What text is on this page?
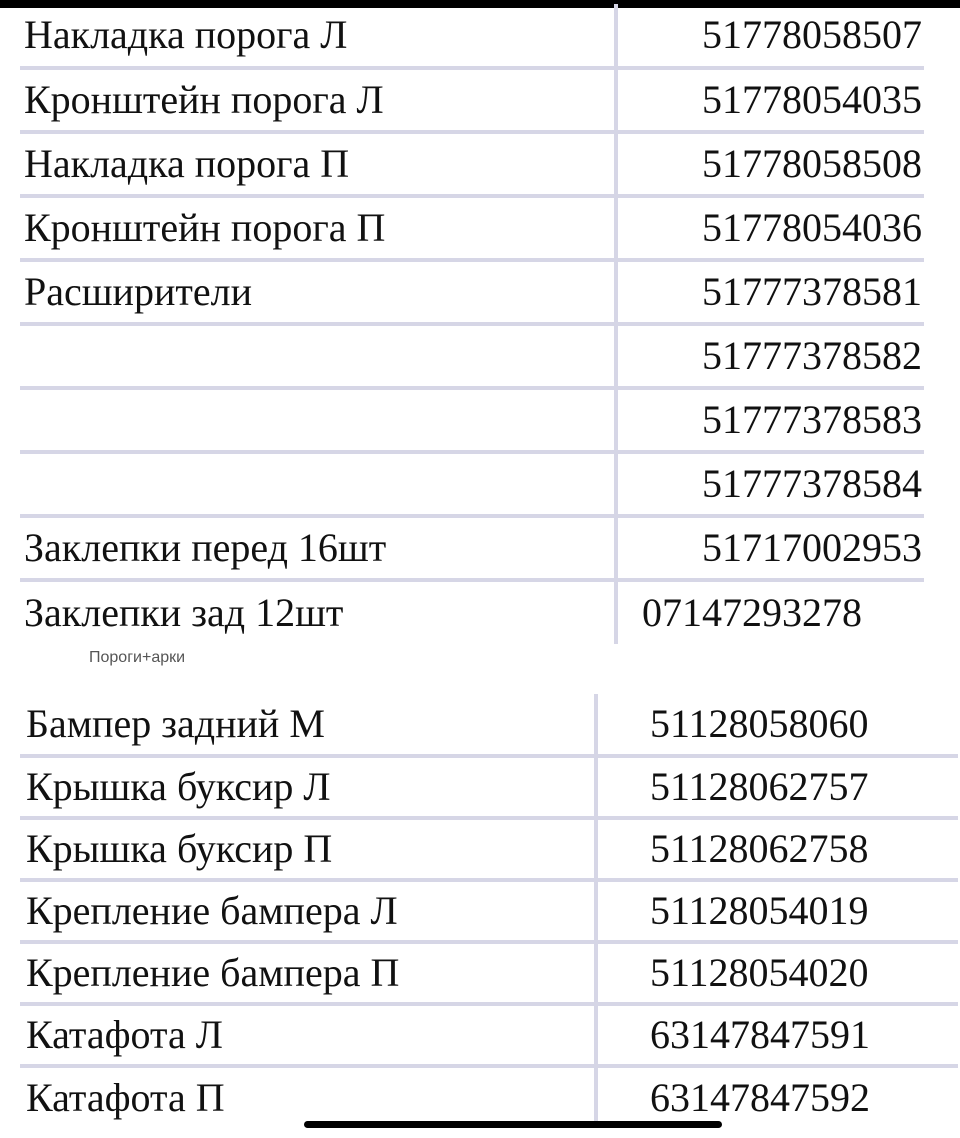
Накладка порога Л	51778058507
Кронштейн порога Л	51778054035
Накладка порога П	51778058508
Кронштейн порога П	51778054036
Расширители	51777378581
	51777378582
	51777378583
	51777378584
Заклепки перед 16шт	51717002953
Заклепки зад 12шт	07147293278
Пороги+арки
Бампер задний М	51128058060
Крышка буксир Л	51128062757
Крышка буксир П	51128062758
Крепление бампера Л	51128054019
Крепление бампера П	51128054020
Катафота Л	63147847591
Катафота П	63147847592
